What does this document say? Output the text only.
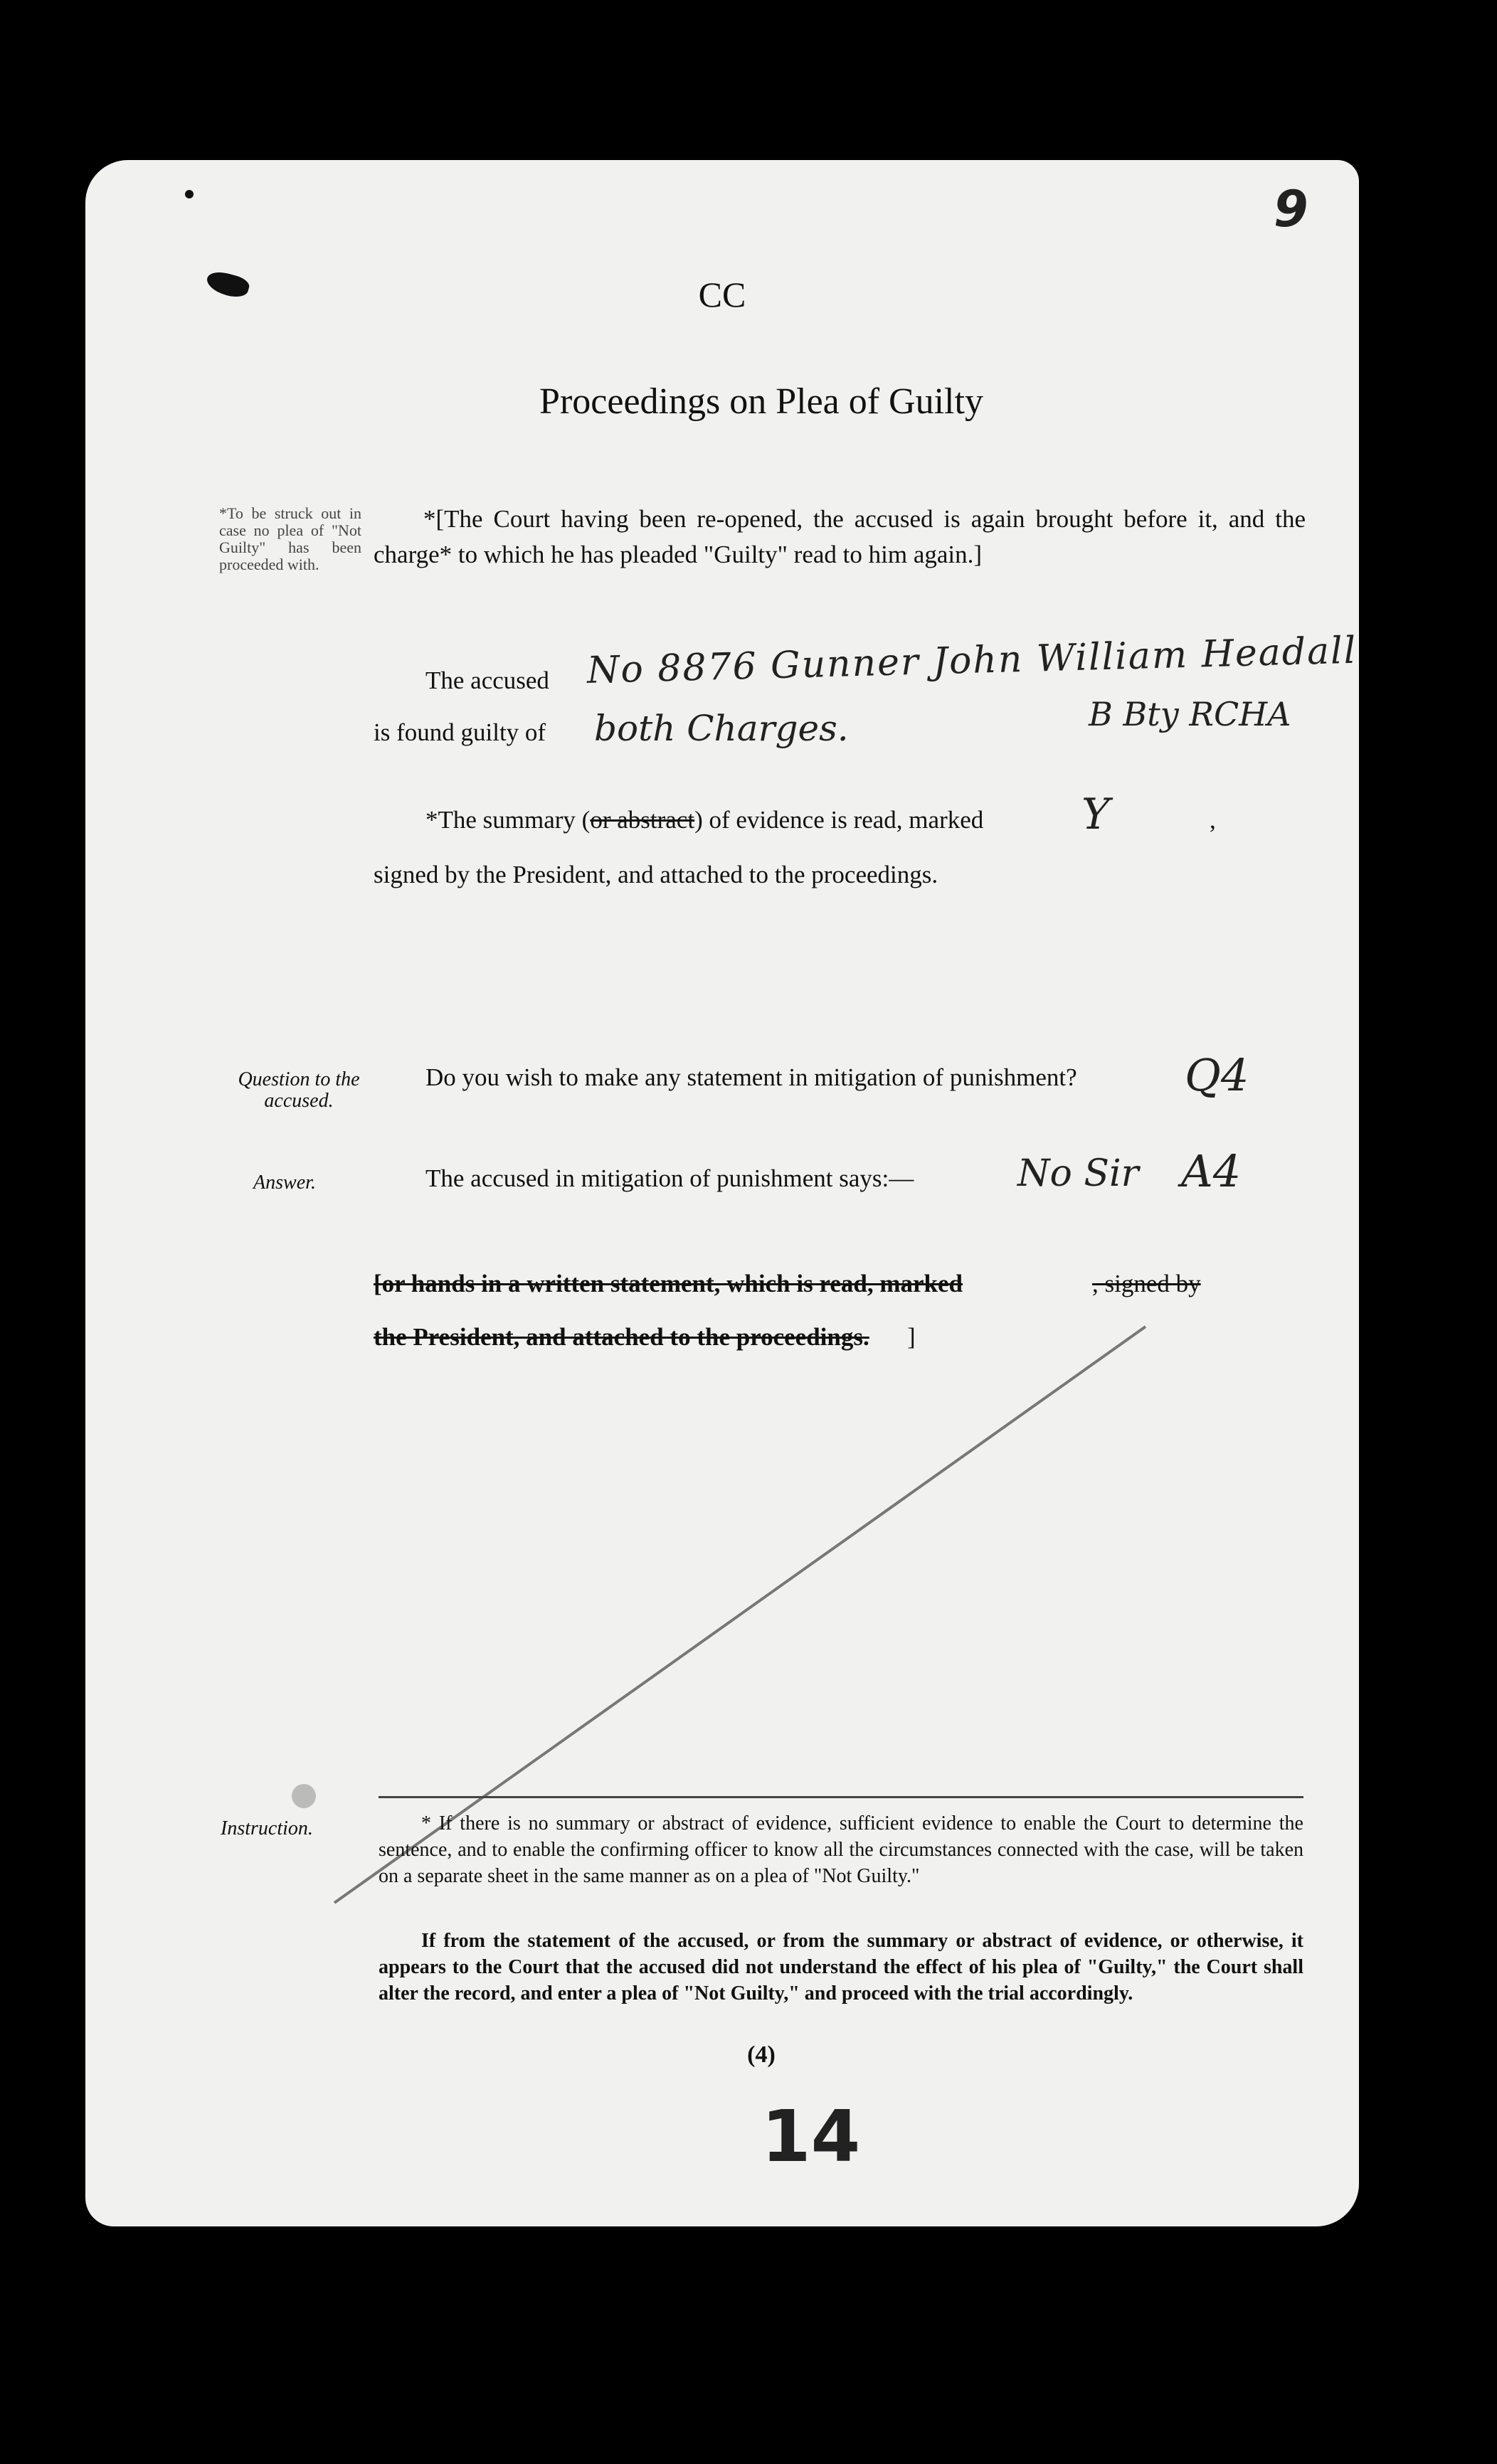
9
CC
Proceedings on Plea of Guilty
*To be struck out in case no plea of "Not Guilty" has been proceeded with.
*[The Court having been re-opened, the accused is again brought before it, and the charge* to which he has pleaded "Guilty" read to him again.]
The accused No 8876 Gunner John William Headall
B Bty RCHA
is found guilty of both Charges.
*The summary (or abstract) of evidence is read, marked Y	,
signed by the President, and attached to the proceedings.
Question to the accused.
Do you wish to make any statement in mitigation of punishment? Q4
Answer.	The accused in mitigation of punishment says:—	No Sir A4
[or hands in a written statement, which is read, marked	, signed by
the President, and attached to the proceedings. ]
Instruction.	* If there is no summary or abstract of evidence, sufficient evidence to enable the Court to determine the sentence, and to enable the confirming officer to know all the circumstances connected with the case, will be taken on a separate sheet in the same manner as on a plea of "Not Guilty."
If from the statement of the accused, or from the summary or abstract of evidence, or otherwise, it appears to the Court that the accused did not understand the effect of his plea of "Guilty," the Court shall alter the record, and enter a plea of "Not Guilty," and proceed with the trial accordingly.
(4)
14
